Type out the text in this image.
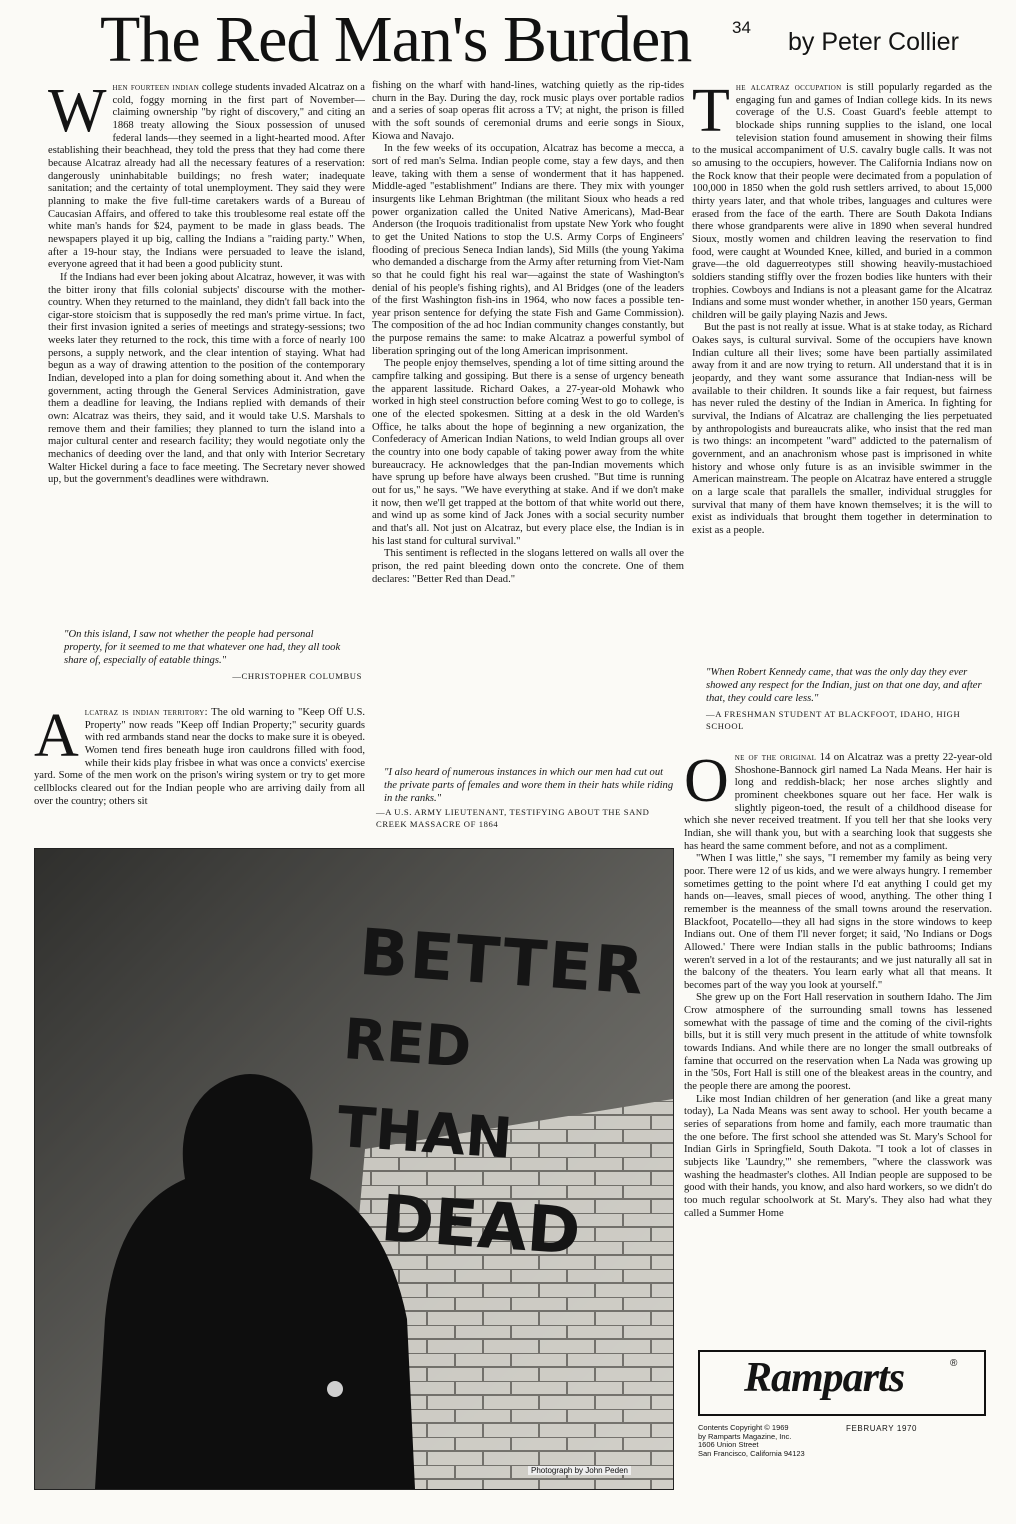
The Red Man's Burden 34
by Peter Collier

When fourteen indian college students invaded Alcatraz on a cold, foggy morning in the first part of November—claiming ownership "by right of discovery," and citing an 1868 treaty allowing the Sioux possession of unused federal lands—they seemed in a light-hearted mood. After establishing their beachhead, they told the press that they had come there because Alcatraz already had all the necessary features of a reservation: dangerously uninhabitable buildings; no fresh water; inadequate sanitation; and the certainty of total unemployment. They said they were planning to make the five full-time caretakers wards of a Bureau of Caucasian Affairs, and offered to take this troublesome real estate off the white man's hands for $24, payment to be made in glass beads. The newspapers played it up big, calling the Indians a "raiding party." When, after a 19-hour stay, the Indians were persuaded to leave the island, everyone agreed that it had been a good publicity stunt.

If the Indians had ever been joking about Alcatraz, however, it was with the bitter irony that fills colonial subjects' discourse with the mother-country. When they returned to the mainland, they didn't fall back into the cigar-store stoicism that is supposedly the red man's prime virtue. In fact, their first invasion ignited a series of meetings and strategy-sessions; two weeks later they returned to the rock, this time with a force of nearly 100 persons, a supply network, and the clear intention of staying. What had begun as a way of drawing attention to the position of the contemporary Indian, developed into a plan for doing something about it. And when the government, acting through the General Services Administration, gave them a deadline for leaving, the Indians replied with demands of their own: Alcatraz was theirs, they said, and it would take U.S. Marshals to remove them and their families; they planned to turn the island into a major cultural center and research facility; they would negotiate only the mechanics of deeding over the land, and that only with Interior Secretary Walter Hickel during a face to face meeting. The Secretary never showed up, but the government's deadlines were withdrawn.

"On this island, I saw not whether the people had personal property, for it seemed to me that whatever one had, they all took share of, especially of eatable things."
—CHRISTOPHER COLUMBUS

Alcatraz is indian territory: The old warning to "Keep Off U.S. Property" now reads "Keep off Indian Property;" security guards with red armbands stand near the docks to make sure it is obeyed. Women tend fires beneath huge iron cauldrons filled with food, while their kids play frisbee in what was once a convicts' exercise yard. Some of the men work on the prison's wiring system or try to get more cellblocks cleared out for the Indian people who are arriving daily from all over the country; others sit

fishing on the wharf with hand-lines, watching quietly as the rip-tides churn in the Bay. During the day, rock music plays over portable radios and a series of soap operas flit across a TV; at night, the prison is filled with the soft sounds of ceremonial drums and eerie songs in Sioux, Kiowa and Navajo.

In the few weeks of its occupation, Alcatraz has become a mecca, a sort of red man's Selma. Indian people come, stay a few days, and then leave, taking with them a sense of wonderment that it has happened. Middle-aged "establishment" Indians are there. They mix with younger insurgents like Lehman Brightman (the militant Sioux who heads a red power organization called the United Native Americans), Mad-Bear Anderson (the Iroquois traditionalist from upstate New York who fought to get the United Nations to stop the U.S. Army Corps of Engineers' flooding of precious Seneca Indian lands), Sid Mills (the young Yakima who demanded a discharge from the Army after returning from Viet-Nam so that he could fight his real war—against the state of Washington's denial of his people's fishing rights), and Al Bridges (one of the leaders of the first Washington fish-ins in 1964, who now faces a possible ten-year prison sentence for defying the state Fish and Game Commission). The composition of the ad hoc Indian community changes constantly, but the purpose remains the same: to make Alcatraz a powerful symbol of liberation springing out of the long American imprisonment.

The people enjoy themselves, spending a lot of time sitting around the campfire talking and gossiping. But there is a sense of urgency beneath the apparent lassitude. Richard Oakes, a 27-year-old Mohawk who worked in high steel construction before coming West to go to college, is one of the elected spokesmen. Sitting at a desk in the old Warden's Office, he talks about the hope of beginning a new organization, the Confederacy of American Indian Nations, to weld Indian groups all over the country into one body capable of taking power away from the white bureaucracy. He acknowledges that the pan-Indian movements which have sprung up before have always been crushed. "But time is running out for us," he says. "We have everything at stake. And if we don't make it now, then we'll get trapped at the bottom of that white world out there, and wind up as some kind of Jack Jones with a social security number and that's all. Not just on Alcatraz, but every place else, the Indian is in his last stand for cultural survival."

This sentiment is reflected in the slogans lettered on walls all over the prison, the red paint bleeding down onto the concrete. One of them declares: "Better Red than Dead."

"I also heard of numerous instances in which our men had cut out the private parts of females and wore them in their hats while riding in the ranks."
—A U.S. ARMY LIEUTENANT, TESTIFYING ABOUT THE SAND CREEK MASSACRE OF 1864

The alcatraz occupation is still popularly regarded as the engaging fun and games of Indian college kids. In its news coverage of the U.S. Coast Guard's feeble attempt to blockade ships running supplies to the island, one local television station found amusement in showing their films to the musical accompaniment of U.S. cavalry bugle calls. It was not so amusing to the occupiers, however. The California Indians now on the Rock know that their people were decimated from a population of 100,000 in 1850 when the gold rush settlers arrived, to about 15,000 thirty years later, and that whole tribes, languages and cultures were erased from the face of the earth. There are South Dakota Indians there whose grandparents were alive in 1890 when several hundred Sioux, mostly women and children leaving the reservation to find food, were caught at Wounded Knee, killed, and buried in a common grave—the old daguerreotypes still showing heavily-mustachioed soldiers standing stiffly over the frozen bodies like hunters with their trophies. Cowboys and Indians is not a pleasant game for the Alcatraz Indians and some must wonder whether, in another 150 years, German children will be gaily playing Nazis and Jews.

But the past is not really at issue. What is at stake today, as Richard Oakes says, is cultural survival. Some of the occupiers have known Indian culture all their lives; some have been partially assimilated away from it and are now trying to return. All understand that it is in jeopardy, and they want some assurance that Indian-ness will be available to their children. It sounds like a fair request, but fairness has never ruled the destiny of the Indian in America. In fighting for survival, the Indians of Alcatraz are challenging the lies perpetuated by anthropologists and bureaucrats alike, who insist that the red man is two things: an incompetent "ward" addicted to the paternalism of government, and an anachronism whose past is imprisoned in white history and whose only future is as an invisible swimmer in the American mainstream. The people on Alcatraz have entered a struggle on a large scale that parallels the smaller, individual struggles for survival that many of them have known themselves; it is the will to exist as individuals that brought them together in determination to exist as a people.

"When Robert Kennedy came, that was the only day they ever showed any respect for the Indian, just on that one day, and after that, they could care less."
—A FRESHMAN STUDENT AT BLACKFOOT, IDAHO, HIGH SCHOOL

One of the original 14 on Alcatraz was a pretty 22-year-old Shoshone-Bannock girl named La Nada Means. Her hair is long and reddish-black; her nose arches slightly and prominent cheekbones square out her face. Her walk is slightly pigeon-toed, the result of a childhood disease for which she never received treatment. If you tell her that she looks very Indian, she will thank you, but with a searching look that suggests she has heard the same comment before, and not as a compliment.

"When I was little," she says, "I remember my family as being very poor. There were 12 of us kids, and we were always hungry. I remember sometimes getting to the point where I'd eat anything I could get my hands on—leaves, small pieces of wood, anything. The other thing I remember is the meanness of the small towns around the reservation. Blackfoot, Pocatello—they all had signs in the store windows to keep Indians out. One of them I'll never forget; it said, 'No Indians or Dogs Allowed.' There were Indian stalls in the public bathrooms; Indians weren't served in a lot of the restaurants; and we just naturally all sat in the balcony of the theaters. You learn early what all that means. It becomes part of the way you look at yourself."

She grew up on the Fort Hall reservation in southern Idaho. The Jim Crow atmosphere of the surrounding small towns has lessened somewhat with the passage of time and the coming of the civil-rights bills, but it is still very much present in the attitude of white townsfolk towards Indians. And while there are no longer the small outbreaks of famine that occurred on the reservation when La Nada was growing up in the '50s, Fort Hall is still one of the bleakest areas in the country, and the people there are among the poorest.

Like most Indian children of her generation (and like a great many today), La Nada Means was sent away to school. Her youth became a series of separations from home and family, each more traumatic than the one before. The first school she attended was St. Mary's School for Indian Girls in Springfield, South Dakota. "I took a lot of classes in subjects like 'Laundry,'" she remembers, "where the classwork was washing the headmaster's clothes. All Indian people are supposed to be good with their hands, you know, and also hard workers, so we didn't do too much regular schoolwork at St. Mary's. They also had what they called a Summer Home

BETTER
RED THAN
DEAD
Photograph by John Peden
Ramparts	®
Contents Copyright © 1969
by Ramparts Magazine, Inc.
1606 Union Street
San Francisco, California 94123
FEBRUARY 1970
